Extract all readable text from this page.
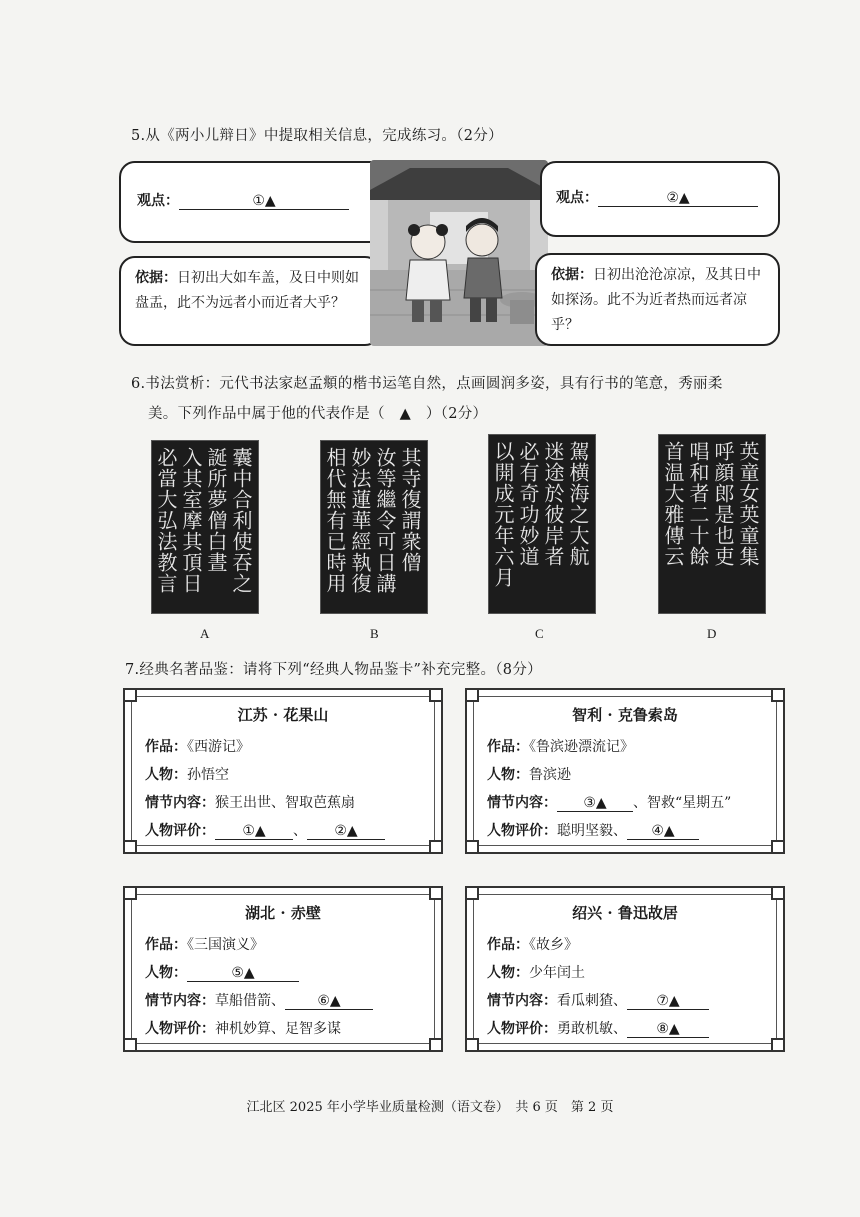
5.从《两小儿辩日》中提取相关信息，完成练习。（2分）
观点：	①▲
依据：日初出大如车盖，及日中则如盘盂，此不为远者小而近者大乎？
观点：	②▲
依据：日初出沧沧凉凉，及其日中如探汤。此不为近者热而远者凉乎？
6.书法赏析：元代书法家赵孟頫的楷书运笔自然，点画圆润多姿，具有行书的笔意，秀丽柔
美。下列作品中属于他的代表作是（　▲　）（2分）
囊中合利使吞之
誕所夢僧白晝
入其室摩其頂日
必當大弘法教言
A
其寺復謂衆僧
汝等繼令可日講
妙法蓮華經執復
相代無有已時用
B
駕横海之大航
迷途於彼岸者
必有奇功妙道
以開成元年六月
C
英童女英童集
呼顔郎是也吏
唱和者二十餘
首温大雅傳云
D
7.经典名著品鉴：请将下列“经典人物品鉴卡”补充完整。（8分）
江苏 · 花果山
作品：《西游记》
人物：孙悟空
情节内容：猴王出世、智取芭蕉扇
人物评价： ①▲ 、 ②▲
智利 · 克鲁索岛
作品：《鲁滨逊漂流记》
人物：鲁滨逊
情节内容： ③▲ 、智救“星期五”
人物评价：聪明坚毅、 ④▲
湖北 · 赤壁
作品：《三国演义》
人物：	⑤▲
情节内容：草船借箭、 ⑥▲
人物评价：神机妙算、足智多谋
绍兴 · 鲁迅故居
作品：《故乡》
人物：少年闰土
情节内容：看瓜刺猹、 ⑦▲
人物评价：勇敢机敏、 ⑧▲
江北区 2025 年小学毕业质量检测（语文卷）　共 6 页　第 2 页
